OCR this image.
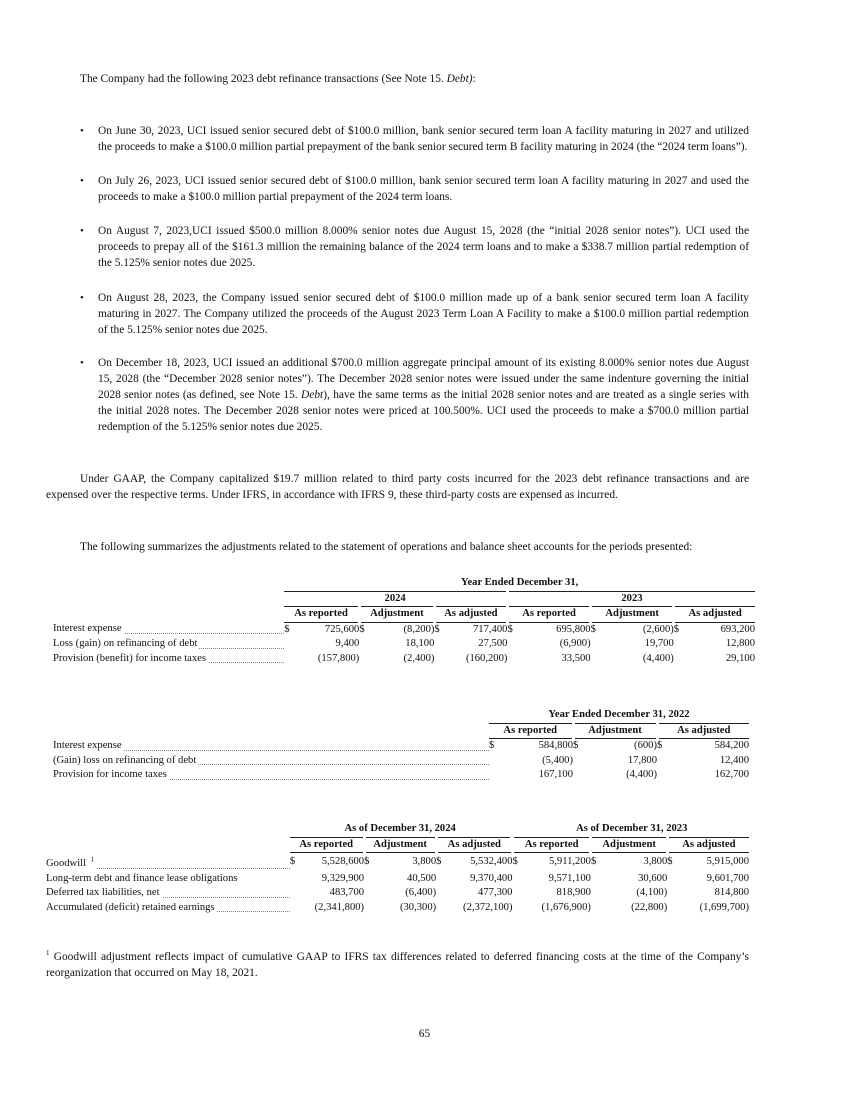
The Company had the following 2023 debt refinance transactions (See Note 15. Debt):
• On June 30, 2023, UCI issued senior secured debt of $100.0 million, bank senior secured term loan A facility maturing in 2027 and utilized the proceeds to make a $100.0 million partial prepayment of the bank senior secured term B facility maturing in 2024 (the “2024 term loans”).
• On July 26, 2023, UCI issued senior secured debt of $100.0 million, bank senior secured term loan A facility maturing in 2027 and used the proceeds to make a $100.0 million partial prepayment of the 2024 term loans.
• On August 7, 2023,UCI issued $500.0 million 8.000% senior notes due August 15, 2028 (the “initial 2028 senior notes”). UCI used the proceeds to prepay all of the $161.3 million the remaining balance of the 2024 term loans and to make a $338.7 million partial redemption of the 5.125% senior notes due 2025.
• On August 28, 2023, the Company issued senior secured debt of $100.0 million made up of a bank senior secured term loan A facility maturing in 2027. The Company utilized the proceeds of the August 2023 Term Loan A Facility to make a $100.0 million partial redemption of the 5.125% senior notes due 2025.
• On December 18, 2023, UCI issued an additional $700.0 million aggregate principal amount of its existing 8.000% senior notes due August 15, 2028 (the “December 2028 senior notes”). The December 2028 senior notes were issued under the same indenture governing the initial 2028 senior notes (as defined, see Note 15. Debt), have the same terms as the initial 2028 senior notes and are treated as a single series with the initial 2028 notes. The December 2028 senior notes were priced at 100.500%. UCI used the proceeds to make a $700.0 million partial redemption of the 5.125% senior notes due 2025.
Under GAAP, the Company capitalized $19.7 million related to third party costs incurred for the 2023 debt refinance transactions and are expensed over the respective terms. Under IFRS, in accordance with IFRS 9, these third-party costs are expensed as incurred.
The following summarizes the adjustments related to the statement of operations and balance sheet accounts for the periods presented:
	Year Ended December 31,											
	2024						2023					
	As reported		Adjustment		As adjusted		As reported		Adjustment		As adjusted	

Interest expense	$	725,600	$	(8,200)	$	717,400	$	695,800	$	(2,600)	$	693,200

Loss (gain) on refinancing of debt		9,400		18,100		27,500		(6,900)		19,700		12,800

Provision (benefit) for income taxes		(157,800)		(2,400)		(160,200)		33,500		(4,400)		29,100
	Year Ended December 31, 2022					
	As reported		Adjustment		As adjusted	

Interest expense	$	584,800	$	(600)	$	584,200

(Gain) loss on refinancing of debt		(5,400)		17,800		12,400

Provision for income taxes		167,100		(4,400)		162,700
	As of December 31, 2024						As of December 31, 2023					
	As reported		Adjustment		As adjusted		As reported		Adjustment		As adjusted	

Goodwill $^1$	$	5,528,600	$	3,800	$	5,532,400	$	5,911,200	$	3,800	$	5,915,000
Long-term debt and finance lease obligations		9,329,900		40,500		9,370,400		9,571,100		30,600		9,601,700

Deferred tax liabilities, net		483,700		(6,400)		477,300		818,900		(4,100)		814,800

Accumulated (deficit) retained earnings		(2,341,800)		(30,300)		(2,372,100)		(1,676,900)		(22,800)		(1,699,700)
$^1$ Goodwill adjustment reflects impact of cumulative GAAP to IFRS tax differences related to deferred financing costs at the time of the Company’s reorganization that occurred on May 18, 2021.
65
